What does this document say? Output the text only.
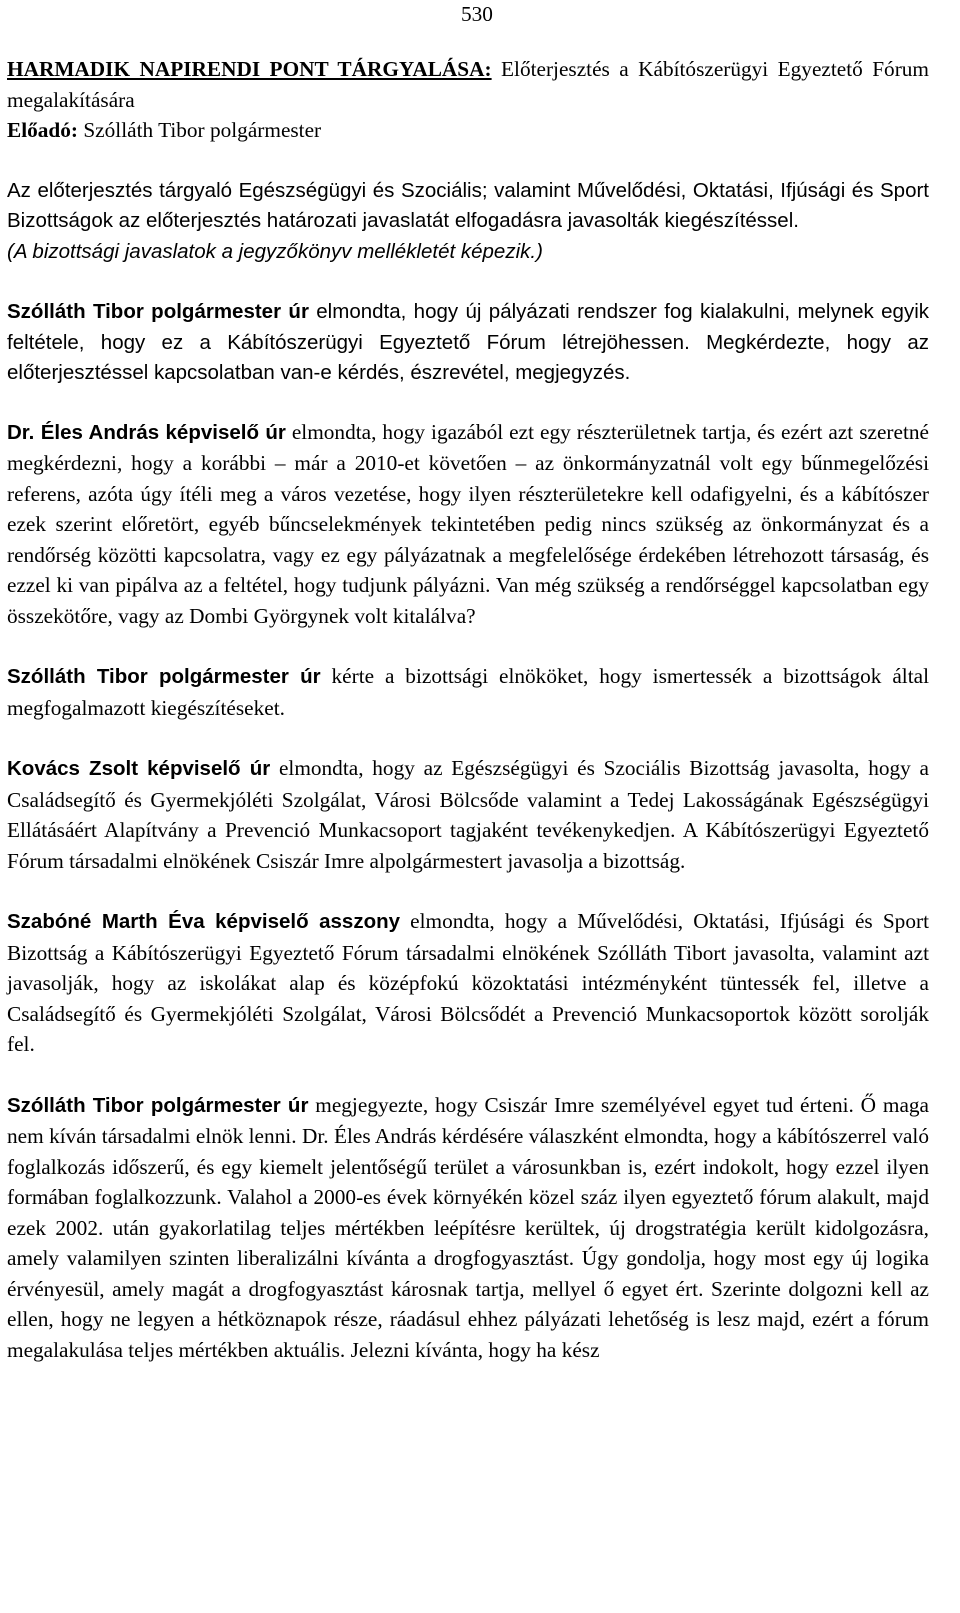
530

HARMADIK NAPIRENDI PONT TÁRGYALÁSA: Előterjesztés a Kábítószerügyi Egyeztető Fórum megalakítására

Előadó: Szólláth Tibor polgármester

Az előterjesztés tárgyaló Egészségügyi és Szociális; valamint Művelődési, Oktatási, Ifjúsági és Sport Bizottságok az előterjesztés határozati javaslatát elfogadásra javasolták kiegészítéssel.

(A bizottsági javaslatok a jegyzőkönyv mellékletét képezik.)

Szólláth Tibor polgármester úr elmondta, hogy új pályázati rendszer fog kialakulni, melynek egyik feltétele, hogy ez a Kábítószerügyi Egyeztető Fórum létrejöhessen. Megkérdezte, hogy az előterjesztéssel kapcsolatban van-e kérdés, észrevétel, megjegyzés.

Dr. Éles András képviselő úr elmondta, hogy igazából ezt egy részterületnek tartja, és ezért azt szeretné megkérdezni, hogy a korábbi – már a 2010-et követően – az önkormányzatnál volt egy bűnmegelőzési referens, azóta úgy ítéli meg a város vezetése, hogy ilyen részterületekre kell odafigyelni, és a kábítószer ezek szerint előretört, egyéb bűncselekmények tekintetében pedig nincs szükség az önkormányzat és a rendőrség közötti kapcsolatra, vagy ez egy pályázatnak a megfelelősége érdekében létrehozott társaság, és ezzel ki van pipálva az a feltétel, hogy tudjunk pályázni. Van még szükség a rendőrséggel kapcsolatban egy összekötőre, vagy az Dombi Györgynek volt kitalálva?

Szólláth Tibor polgármester úr kérte a bizottsági elnököket, hogy ismertessék a bizottságok által megfogalmazott kiegészítéseket.

Kovács Zsolt képviselő úr elmondta, hogy az Egészségügyi és Szociális Bizottság javasolta, hogy a Családsegítő és Gyermekjóléti Szolgálat, Városi Bölcsőde valamint a Tedej Lakosságának Egészségügyi Ellátásáért Alapítvány a Prevenció Munkacsoport tagjaként tevékenykedjen. A Kábítószerügyi Egyeztető Fórum társadalmi elnökének Csiszár Imre alpolgármestert javasolja a bizottság.

Szabóné Marth Éva képviselő asszony elmondta, hogy a Művelődési, Oktatási, Ifjúsági és Sport Bizottság a Kábítószerügyi Egyeztető Fórum társadalmi elnökének Szólláth Tibort javasolta, valamint azt javasolják, hogy az iskolákat alap és középfokú közoktatási intézményként tüntessék fel, illetve a Családsegítő és Gyermekjóléti Szolgálat, Városi Bölcsődét a Prevenció Munkacsoportok között sorolják fel.

Szólláth Tibor polgármester úr megjegyezte, hogy Csiszár Imre személyével egyet tud érteni. Ő maga nem kíván társadalmi elnök lenni. Dr. Éles András kérdésére válaszként elmondta, hogy a kábítószerrel való foglalkozás időszerű, és egy kiemelt jelentőségű terület a városunkban is, ezért indokolt, hogy ezzel ilyen formában foglalkozzunk. Valahol a 2000-es évek környékén közel száz ilyen egyeztető fórum alakult, majd ezek 2002. után gyakorlatilag teljes mértékben leépítésre kerültek, új drogstratégia került kidolgozásra, amely valamilyen szinten liberalizálni kívánta a drogfogyasztást. Úgy gondolja, hogy most egy új logika érvényesül, amely magát a drogfogyasztást károsnak tartja, mellyel ő egyet ért. Szerinte dolgozni kell az ellen, hogy ne legyen a hétköznapok része, ráadásul ehhez pályázati lehetőség is lesz majd, ezért a fórum megalakulása teljes mértékben aktuális. Jelezni kívánta, hogy ha kész
